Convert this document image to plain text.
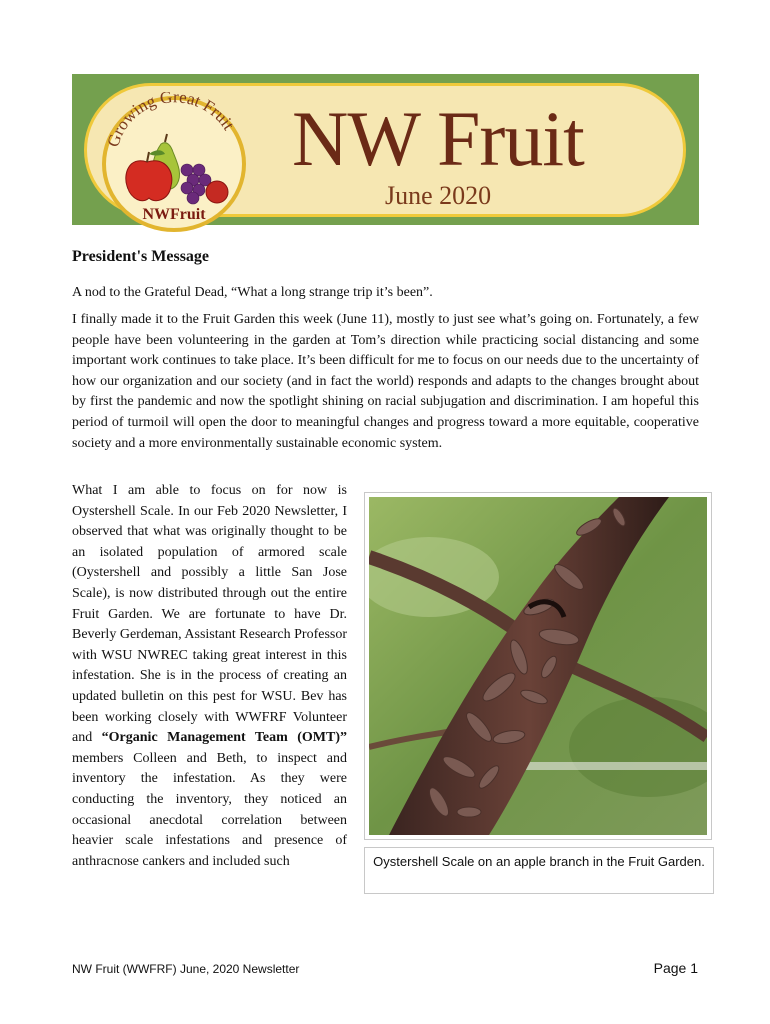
Growing Great Fruit
NWFruit
NW Fruit
June 2020
President's Message

A nod to the Grateful Dead, “What a long strange trip it’s been”.

I finally made it to the Fruit Garden this week (June 11), mostly to just see what’s going on. Fortunately, a few people have been volunteering in the garden at Tom’s direction while practicing social distancing and some important work continues to take place. It’s been difficult for me to focus on our needs due to the uncertainty of how our organization and our society (and in fact the world) responds and adapts to the changes brought about by first the pandemic and now the spotlight shining on racial subjugation and discrimination. I am hopeful this period of turmoil will open the door to meaningful changes and progress toward a more equitable, cooperative society and a more environmentally sustainable economic system.

What I am able to focus on for now is Oystershell Scale. In our Feb 2020 Newsletter, I observed that what was originally thought to be an isolated population of armored scale (Oystershell and possibly a little San Jose Scale), is now distributed through out the entire Fruit Garden. We are fortunate to have Dr. Beverly Gerdeman, Assistant Research Professor with WSU NWREC taking great interest in this infestation. She is in the process of creating an updated bulletin on this pest for WSU. Bev has been working closely with WWFRF Volunteer and “Organic Management Team (OMT)” members Colleen and Beth, to inspect and inventory the infestation. As they were conducting the inventory, they noticed an occasional anecdotal correlation between heavier scale infestations and presence of anthracnose cankers and included such	Oystershell Scale on an apple branch in the Fruit Garden.
NW Fruit (WWFRF) June, 2020 Newsletter	Page 1
